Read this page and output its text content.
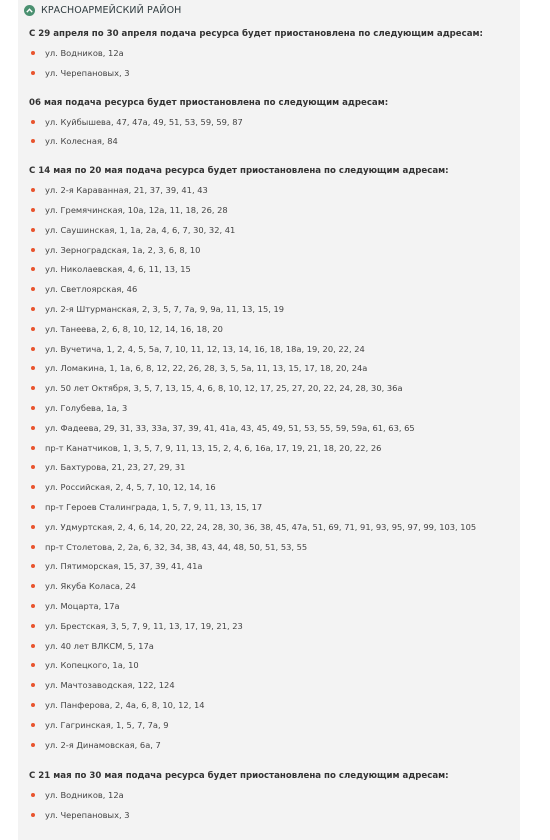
КРАСНОАРМЕЙСКИЙ РАЙОН
С 29 апреля по 30 апреля подача ресурса будет приостановлена по следующим адресам:
ул. Водников, 12а
ул. Черепановых, 3
06 мая подача ресурса будет приостановлена по следующим адресам:
ул. Куйбышева, 47, 47а, 49, 51, 53, 59, 59, 87
ул. Колесная, 84
С 14 мая по 20 мая подача ресурса будет приостановлена по следующим адресам:
ул. 2-я Караванная, 21, 37, 39, 41, 43
ул. Гремячинская, 10а, 12а, 11, 18, 26, 28
ул. Саушинская, 1, 1а, 2а, 4, 6, 7, 30, 32, 41
ул. Зерноградская, 1а, 2, 3, 6, 8, 10
ул. Николаевская, 4, 6, 11, 13, 15
ул. Светлоярская, 46
ул. 2-я Штурманская, 2, 3, 5, 7, 7а, 9, 9а, 11, 13, 15, 19
ул. Танеева, 2, 6, 8, 10, 12, 14, 16, 18, 20
ул. Вучетича, 1, 2, 4, 5, 5а, 7, 10, 11, 12, 13, 14, 16, 18, 18а, 19, 20, 22, 24
ул. Ломакина, 1, 1а, 6, 8, 12, 22, 26, 28, 3, 5, 5а, 11, 13, 15, 17, 18, 20, 24а
ул. 50 лет Октября, 3, 5, 7, 13, 15, 4, 6, 8, 10, 12, 17, 25, 27, 20, 22, 24, 28, 30, 36а
ул. Голубева, 1а, 3
ул. Фадеева, 29, 31, 33, 33а, 37, 39, 41, 41а, 43, 45, 49, 51, 53, 55, 59, 59а, 61, 63, 65
пр-т Канатчиков, 1, 3, 5, 7, 9, 11, 13, 15, 2, 4, 6, 16а, 17, 19, 21, 18, 20, 22, 26
ул. Бахтурова, 21, 23, 27, 29, 31
ул. Российская, 2, 4, 5, 7, 10, 12, 14, 16
пр-т Героев Сталинграда, 1, 5, 7, 9, 11, 13, 15, 17
ул. Удмуртская, 2, 4, 6, 14, 20, 22, 24, 28, 30, 36, 38, 45, 47а, 51, 69, 71, 91, 93, 95, 97, 99, 103, 105
пр-т Столетова, 2, 2а, 6, 32, 34, 38, 43, 44, 48, 50, 51, 53, 55
ул. Пятиморская, 15, 37, 39, 41, 41а
ул. Якуба Коласа, 24
ул. Моцарта, 17а
ул. Брестская, 3, 5, 7, 9, 11, 13, 17, 19, 21, 23
ул. 40 лет ВЛКСМ, 5, 17а
ул. Копецкого, 1а, 10
ул. Мачтозаводская, 122, 124
ул. Панферова, 2, 4а, 6, 8, 10, 12, 14
ул. Гагринская, 1, 5, 7, 7а, 9
ул. 2-я Динамовская, 6а, 7
С 21 мая по 30 мая подача ресурса будет приостановлена по следующим адресам:
ул. Водников, 12а
ул. Черепановых, 3
